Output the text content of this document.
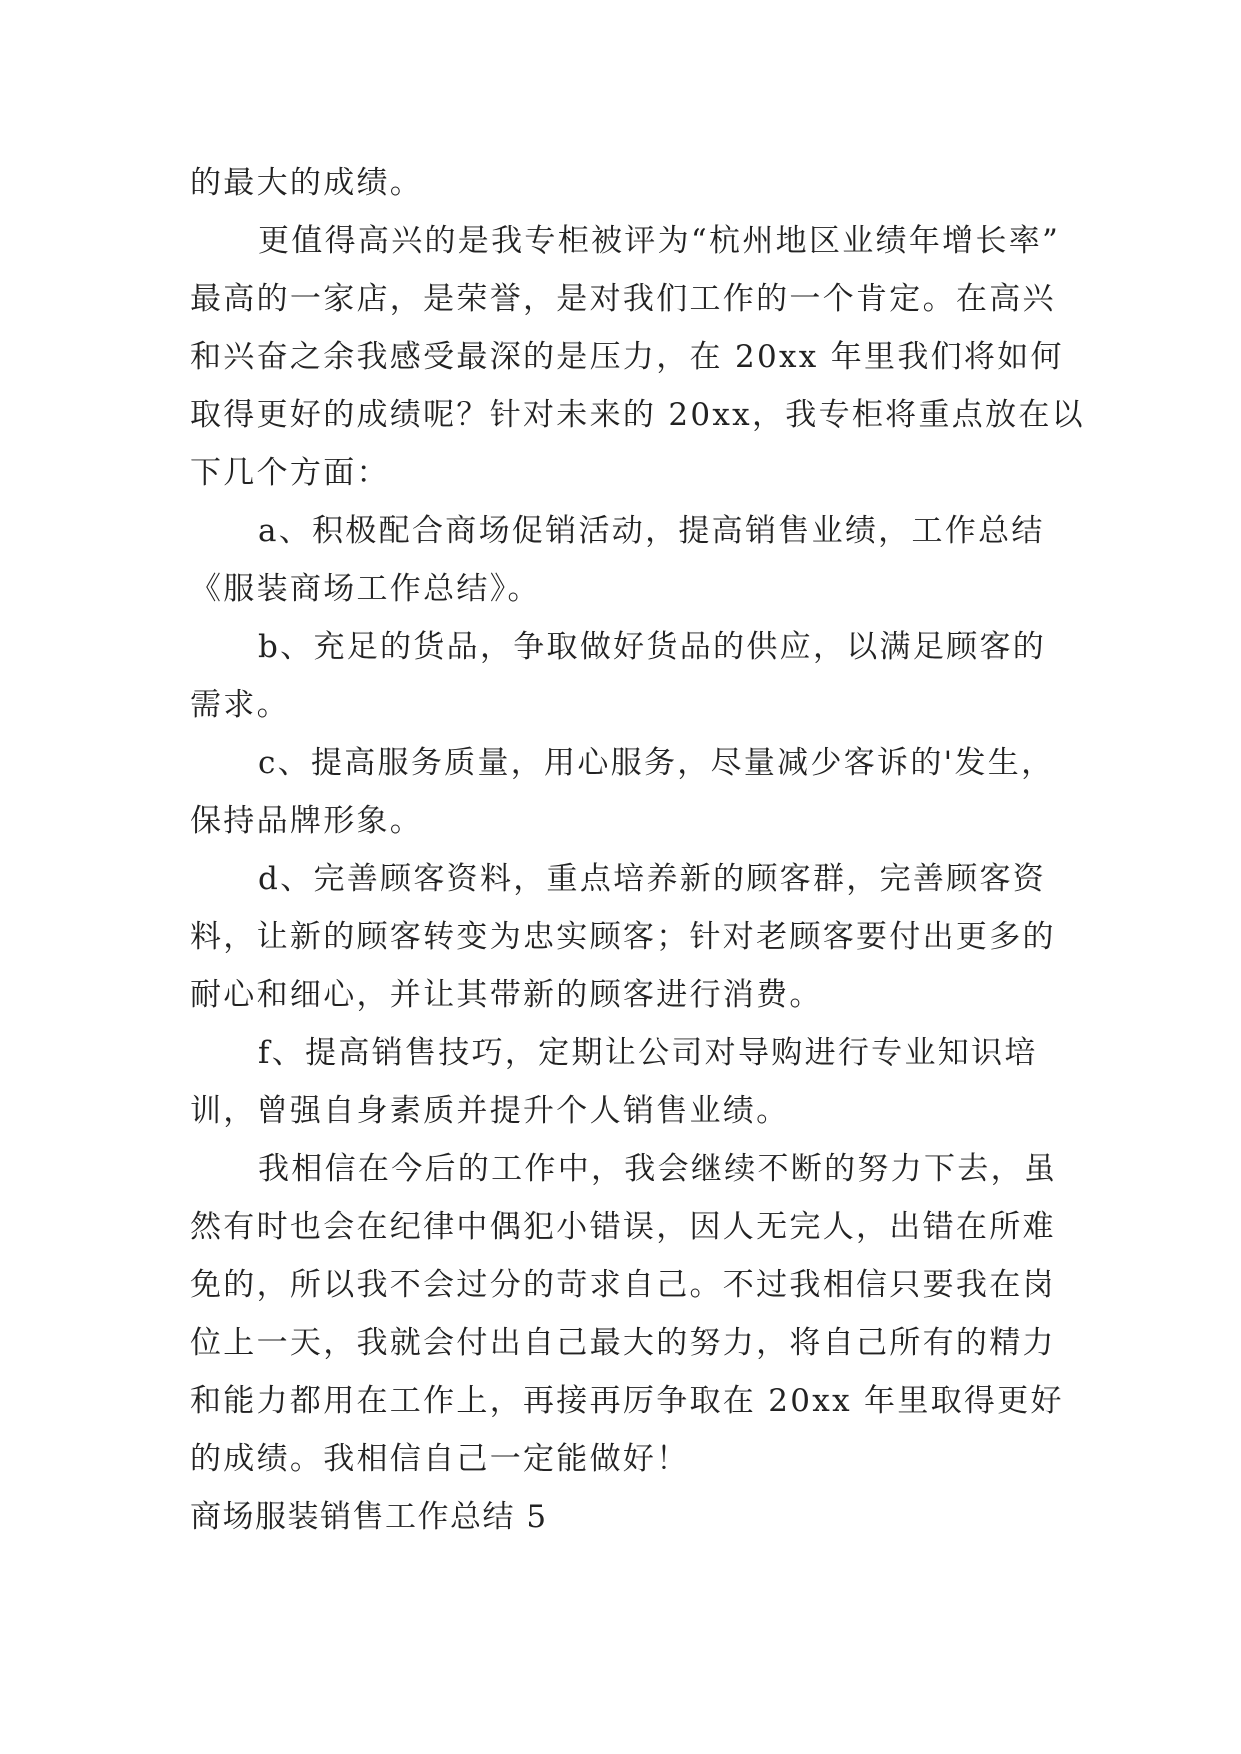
的最大的成绩。

更值得高兴的是我专柜被评为“杭州地区业绩年增长率”

最高的一家店，是荣誉，是对我们工作的一个肯定。在高兴

和兴奋之余我感受最深的是压力，在 20xx 年里我们将如何

取得更好的成绩呢？针对未来的 20xx，我专柜将重点放在以

下几个方面：

a、积极配合商场促销活动，提高销售业绩，工作总结

《服装商场工作总结》。

b、充足的货品，争取做好货品的供应，以满足顾客的

需求。

c、提高服务质量，用心服务，尽量减少客诉的'发生，

保持品牌形象。

d、完善顾客资料，重点培养新的顾客群，完善顾客资

料，让新的顾客转变为忠实顾客；针对老顾客要付出更多的

耐心和细心，并让其带新的顾客进行消费。

f、提高销售技巧，定期让公司对导购进行专业知识培

训，曾强自身素质并提升个人销售业绩。

我相信在今后的工作中，我会继续不断的努力下去，虽

然有时也会在纪律中偶犯小错误，因人无完人，出错在所难

免的，所以我不会过分的苛求自己。不过我相信只要我在岗

位上一天，我就会付出自己最大的努力，将自己所有的精力

和能力都用在工作上，再接再厉争取在 20xx 年里取得更好

的成绩。我相信自己一定能做好！

商场服装销售工作总结 5
